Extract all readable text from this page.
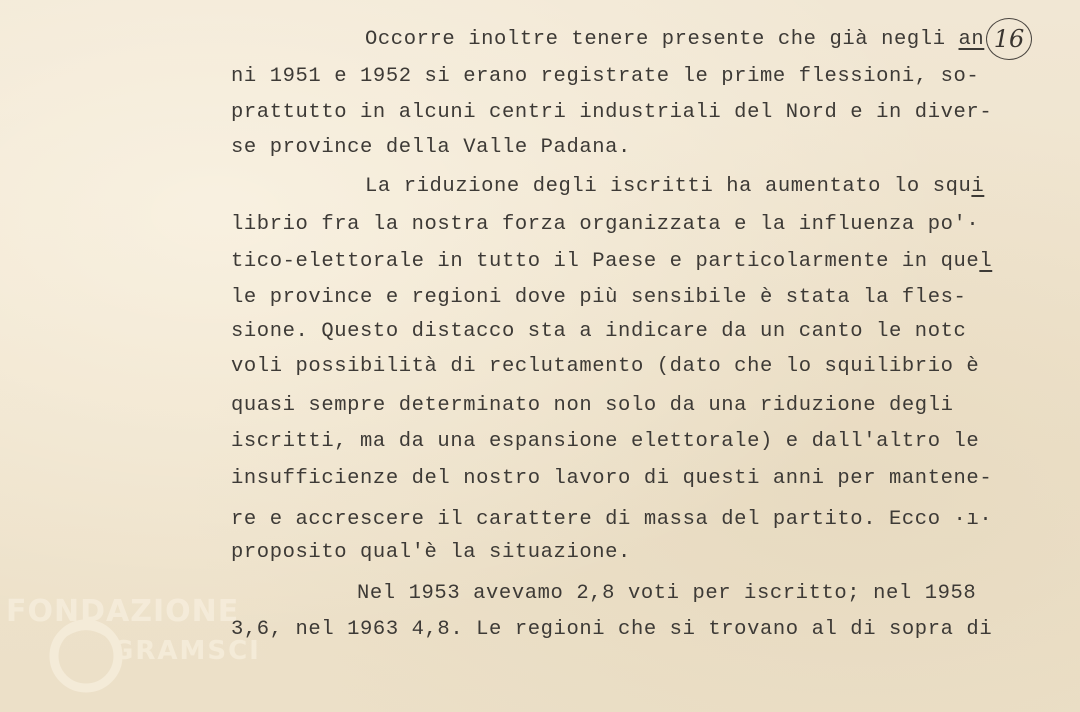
FONDAZIONE
GRAMSCI
16
Occorre inoltre tenere presente che già negli an
ni 1951 e 1952 si erano registrate le prime flessioni, so-
prattutto in alcuni centri industriali del Nord e in diver-
se province della Valle Padana.
La riduzione degli iscritti ha aumentato lo squi
librio fra la nostra forza organizzata e la influenza po'·
tico-elettorale in tutto il Paese e particolarmente in quel
le province e regioni dove più sensibile è stata la fles-
sione. Questo distacco sta a indicare da un canto le notc
voli possibilità di reclutamento (dato che lo squilibrio è
quasi sempre determinato non solo da una riduzione degli
iscritti, ma da una espansione elettorale) e dall'altro le
insufficienze del nostro lavoro di questi anni per mantene-
re e accrescere il carattere di massa del partito. Ecco ·ı·
proposito qual'è la situazione.
Nel 1953 avevamo 2,8 voti per iscritto; nel 1958
3,6, nel 1963 4,8. Le regioni che si trovano al di sopra di
